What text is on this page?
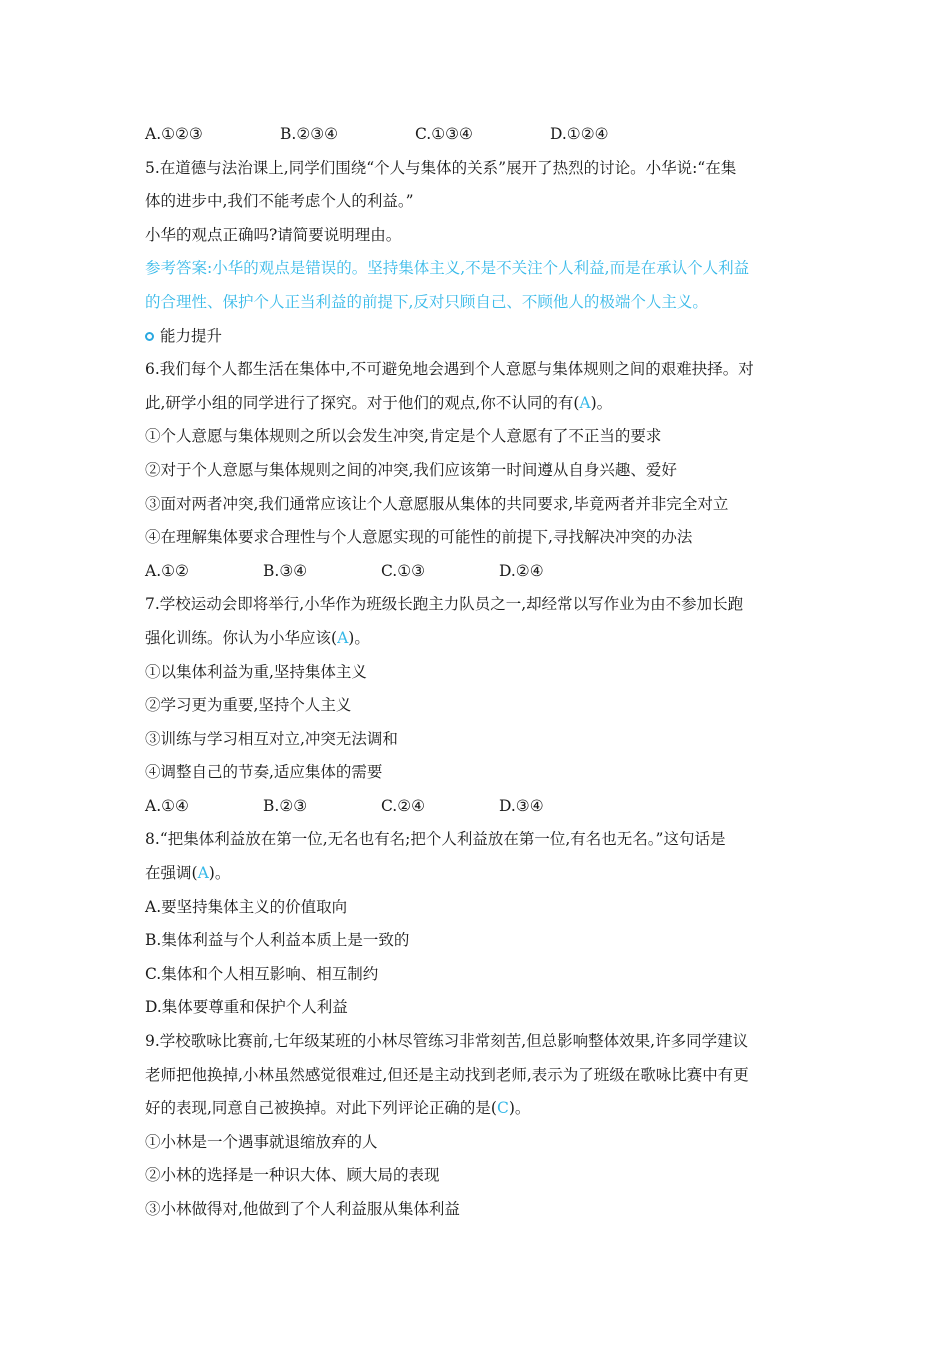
A.①②③	B.②③④	C.①③④	D.①②④
5.在道德与法治课上,同学们围绕“个人与集体的关系”展开了热烈的讨论。小华说:“在集
体的进步中,我们不能考虑个人的利益。”
小华的观点正确吗?请简要说明理由。
参考答案:小华的观点是错误的。坚持集体主义,不是不关注个人利益,而是在承认个人利益
的合理性、保护个人正当利益的前提下,反对只顾自己、不顾他人的极端个人主义。
能力提升
6.我们每个人都生活在集体中,不可避免地会遇到个人意愿与集体规则之间的艰难抉择。对
此,研学小组的同学进行了探究。对于他们的观点,你不认同的有(A)。
①个人意愿与集体规则之所以会发生冲突,肯定是个人意愿有了不正当的要求
②对于个人意愿与集体规则之间的冲突,我们应该第一时间遵从自身兴趣、爱好
③面对两者冲突,我们通常应该让个人意愿服从集体的共同要求,毕竟两者并非完全对立
④在理解集体要求合理性与个人意愿实现的可能性的前提下,寻找解决冲突的办法
A.①②	B.③④	C.①③	D.②④
7.学校运动会即将举行,小华作为班级长跑主力队员之一,却经常以写作业为由不参加长跑
强化训练。你认为小华应该(A)。
①以集体利益为重,坚持集体主义
②学习更为重要,坚持个人主义
③训练与学习相互对立,冲突无法调和
④调整自己的节奏,适应集体的需要
A.①④	B.②③	C.②④	D.③④
8.“把集体利益放在第一位,无名也有名;把个人利益放在第一位,有名也无名。”这句话是
在强调(A)。
A.要坚持集体主义的价值取向
B.集体利益与个人利益本质上是一致的
C.集体和个人相互影响、相互制约
D.集体要尊重和保护个人利益
9.学校歌咏比赛前,七年级某班的小林尽管练习非常刻苦,但总影响整体效果,许多同学建议
老师把他换掉,小林虽然感觉很难过,但还是主动找到老师,表示为了班级在歌咏比赛中有更
好的表现,同意自己被换掉。对此下列评论正确的是(C)。
①小林是一个遇事就退缩放弃的人
②小林的选择是一种识大体、顾大局的表现
③小林做得对,他做到了个人利益服从集体利益
